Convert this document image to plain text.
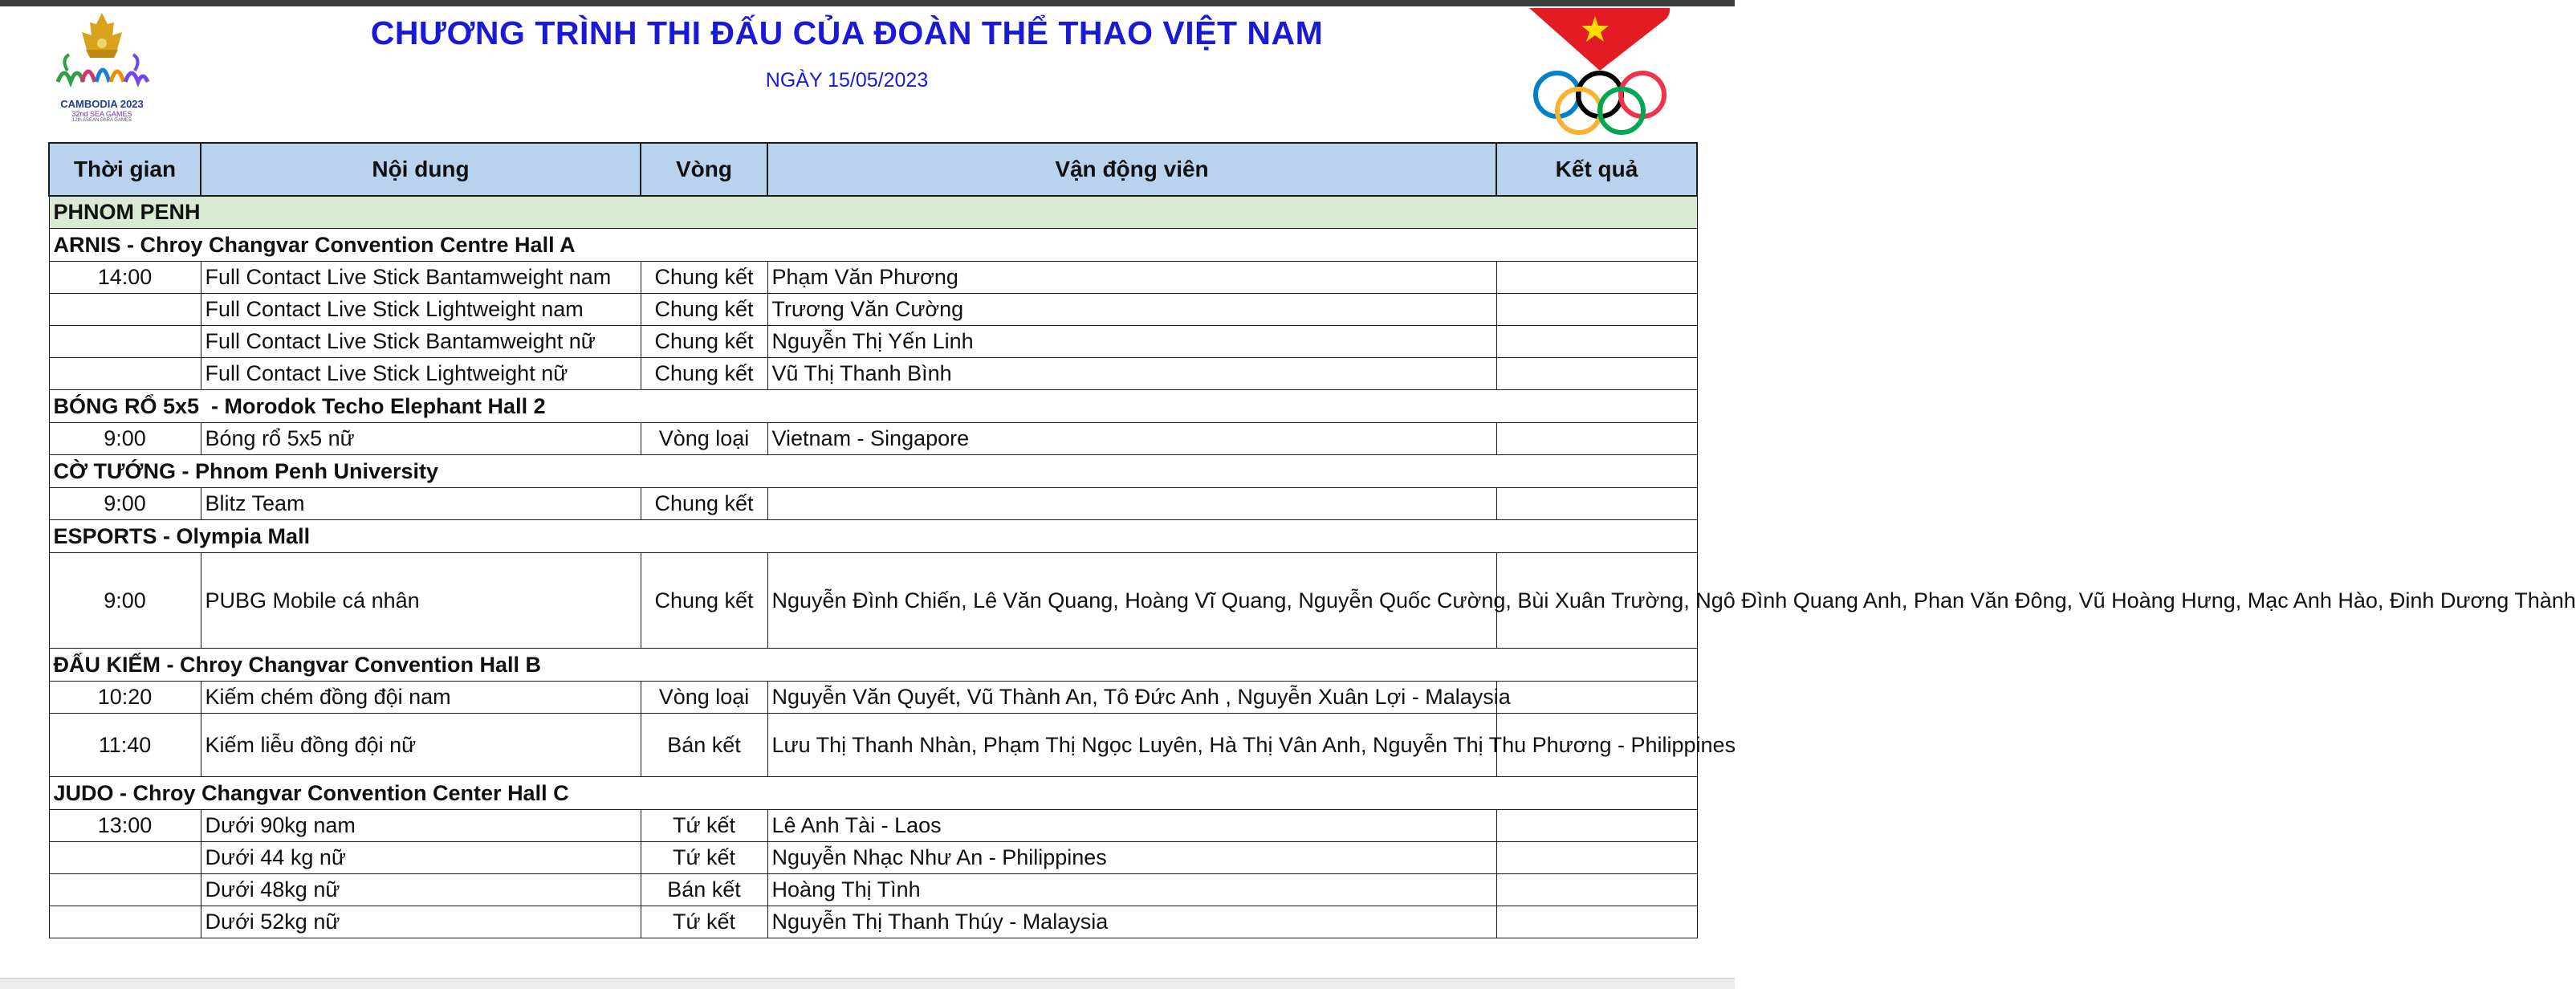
CAMBODIA 2023
32nd SEA GAMES
12th ASEAN PARA GAMES
CHƯƠNG TRÌNH THI ĐẤU CỦA ĐOÀN THỂ THAO VIỆT NAM
NGÀY 15/05/2023
Thời gian	Nội dung	Vòng	Vận động viên	Kết quả
PHNOM PENH				
ARNIS - Chroy Changvar Convention Centre Hall A				
14:00	Full Contact Live Stick Bantamweight nam	Chung kết	Phạm Văn Phương	
	Full Contact Live Stick Lightweight nam	Chung kết	Trương Văn Cường	
	Full Contact Live Stick Bantamweight nữ	Chung kết	Nguyễn Thị Yến Linh	
	Full Contact Live Stick Lightweight nữ	Chung kết	Vũ Thị Thanh Bình	
BÓNG RỔ 5x5  - Morodok Techo Elephant Hall 2				
9:00	Bóng rổ 5x5 nữ	Vòng loại	Vietnam - Singapore	
CỜ TƯỚNG - Phnom Penh University				
9:00	Blitz Team	Chung kết		
ESPORTS - Olympia Mall				
9:00	PUBG Mobile cá nhân	Chung kết	Nguyễn Đình Chiến, Lê Văn Quang, Hoàng Vĩ Quang, Nguyễn Quốc Cường, Bùi Xuân Trường, Ngô Đình Quang Anh, Phan Văn Đông, Vũ Hoàng Hưng, Mạc Anh Hào, Đinh Dương Thành	
ĐẤU KIẾM - Chroy Changvar Convention Hall B				
10:20	Kiếm chém đồng đội nam	Vòng loại	Nguyễn Văn Quyết, Vũ Thành An, Tô Đức Anh , Nguyễn Xuân Lợi - Malaysia	
11:40	Kiếm liễu đồng đội nữ	Bán kết	Lưu Thị Thanh Nhàn, Phạm Thị Ngọc Luyên, Hà Thị Vân Anh, Nguyễn Thị Thu Phương - Philippines	
JUDO - Chroy Changvar Convention Center Hall C				
13:00	Dưới 90kg nam	Tứ kết	Lê Anh Tài - Laos	
	Dưới 44 kg nữ	Tứ kết	Nguyễn Nhạc Như An - Philippines	
	Dưới 48kg nữ	Bán kết	Hoàng Thị Tình	
	Dưới 52kg nữ	Tứ kết	Nguyễn Thị Thanh Thúy - Malaysia	
